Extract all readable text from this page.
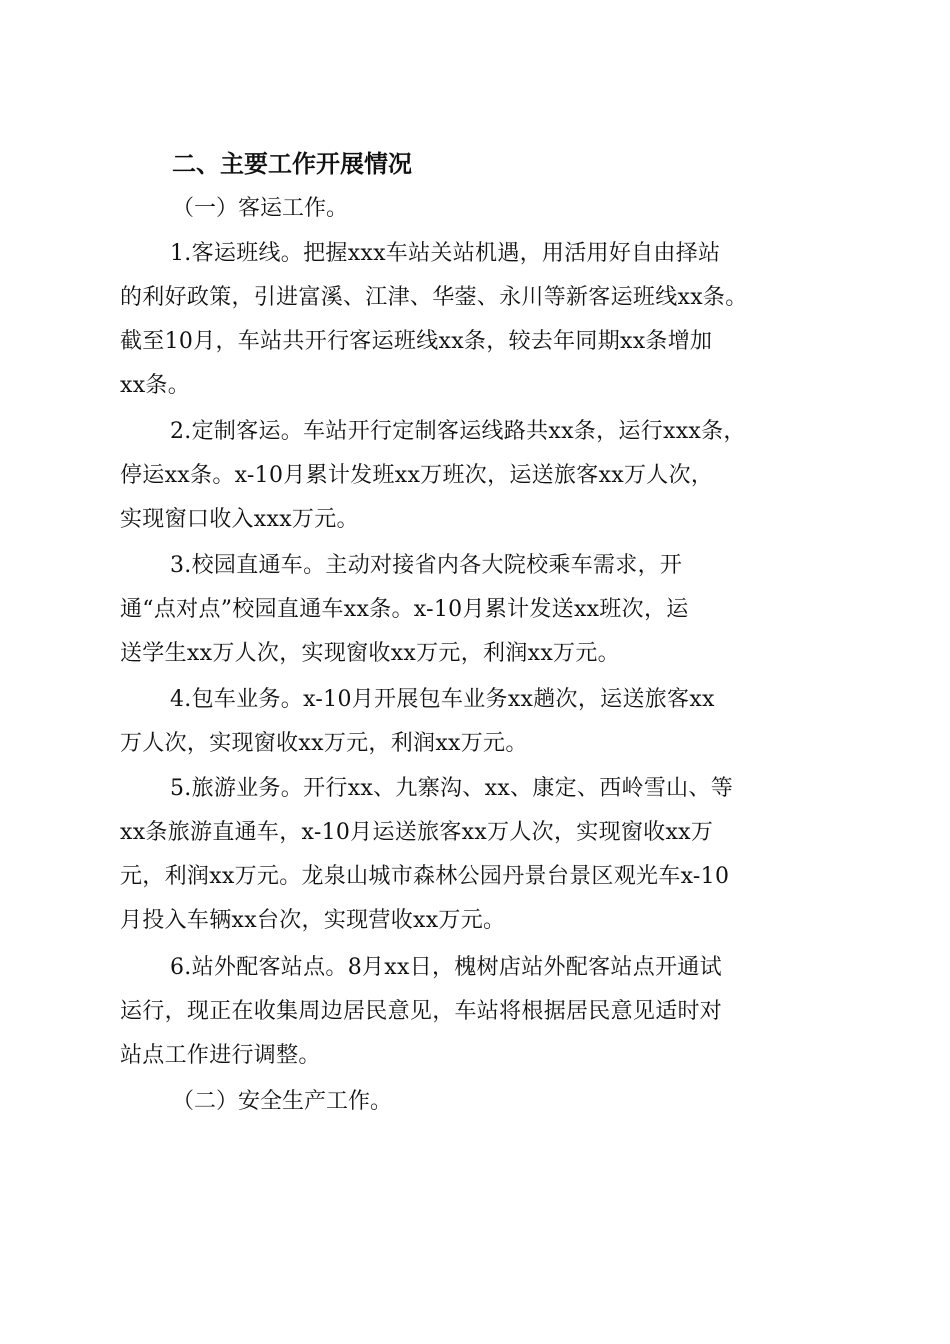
二、主要工作开展情况

（一）客运工作。

1.客运班线。把握xxx车站关站机遇，用活用好自由择站
的利好政策，引进富溪、江津、华蓥、永川等新客运班线xx条。
截至10月，车站共开行客运班线xx条，较去年同期xx条增加
xx条。
2.定制客运。车站开行定制客运线路共xx条，运行xxx条，
停运xx条。x-10月累计发班xx万班次，运送旅客xx万人次，
实现窗口收入xxx万元。
3.校园直通车。主动对接省内各大院校乘车需求，开
通“点对点”校园直通车xx条。x-10月累计发送xx班次，运
送学生xx万人次，实现窗收xx万元，利润xx万元。
4.包车业务。x-10月开展包车业务xx趟次，运送旅客xx
万人次，实现窗收xx万元，利润xx万元。
5.旅游业务。开行xx、九寨沟、xx、康定、西岭雪山、等
xx条旅游直通车，x-10月运送旅客xx万人次，实现窗收xx万
元，利润xx万元。龙泉山城市森林公园丹景台景区观光车x-10
月投入车辆xx台次，实现营收xx万元。
6.站外配客站点。8月xx日，槐树店站外配客站点开通试
运行，现正在收集周边居民意见，车站将根据居民意见适时对
站点工作进行调整。

（二）安全生产工作。
